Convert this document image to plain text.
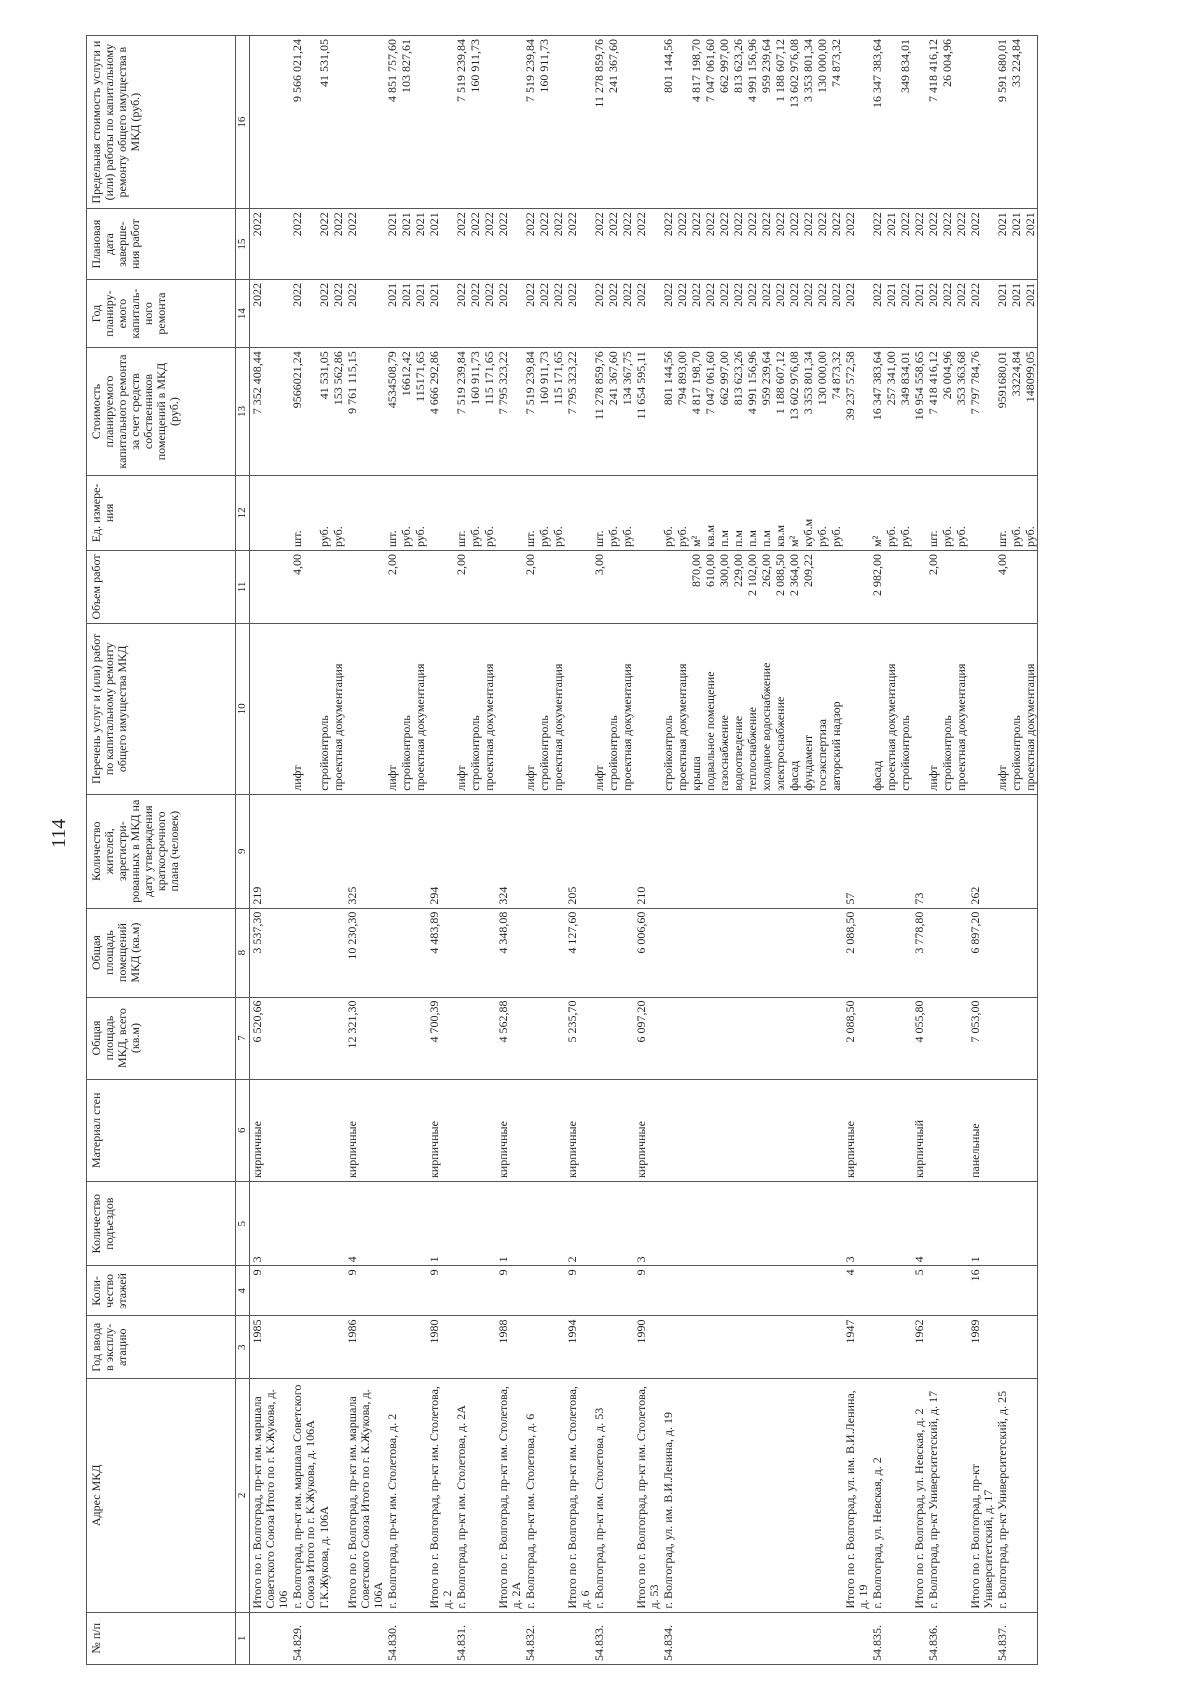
114
№ п/п	Адрес МКД	Год ввода в эксплу-атацию	Коли-чество этажей	Количество подъездов	Материал стен	Общая площадь МКД, всего (кв.м)	Общая площадь помещений МКД (кв.м)	Количество жителей, зарегистри-рованных в МКД на дату утверждения краткосрочного плана (человек)	Перечень услуг и (или) работ по капитальному ремонту общего имущества МКД	Объем работ	Ед. измере-ния	Стоимость планируемого капитального ремонта за счет средств собственников помещений в МКД (руб.)	Год планиру-емого капиталь-ного ремонта	Плановая дата заверше-ния работ	Предельная стоимость услуги и (или) работы по капитальному ремонту общего имущества в МКД (руб.)
1	2	3	4	5	6	7	8	9	10	11	12	13	14	15	16
	Итого по г. Волгоград, пр-кт им. маршала Советского Союза Итого по г. К.Жукова, д. 106	1985	9	3	кирпичные	6 520,66	3 537,30	219				7 352 408,44	2022	2022	
54.829.	г. Волгоград, пр-кт им. маршала Советского Союза Итого по г. К.Жукова, д. 106А								лифт	4,00	шт.	9566021,24	2022	2022	9 566 021,24
	Г.К.Жукова, д. 106А								стройконтроль		руб.	41 531,05	2022	2022	41 531,05
									проектная документация		руб.	153 562,86	2022	2022	
	Итого по г. Волгоград, пр-кт им. маршала Советского Союза Итого по г. К.Жукова, д. 106А	1986	9	4	кирпичные	12 321,30	10 230,30	325				9 761 115,15	2022	2022	
54.830.	г. Волгоград, пр-кт им. Столетова, д. 2								лифт	2,00	шт.	4534508,79	2021	2021	4 851 757,60
									стройконтроль		руб.	16612,42	2021	2021	103 827,61
									проектная документация		руб.	115171,65	2021	2021	
	Итого по г. Волгоград, пр-кт им. Столетова, д. 2	1980	9	1	кирпичные	4 700,39	4 483,89	294				4 666 292,86	2021	2021	
54.831.	г. Волгоград, пр-кт им. Столетова, д. 2А								лифт	2,00	шт.	7 519 239,84	2022	2022	7 519 239,84
									стройконтроль		руб.	160 911,73	2022	2022	160 911,73
									проектная документация		руб.	115 171,65	2022	2022	
	Итого по г. Волгоград, пр-кт им. Столетова, д. 2А	1988	9	1	кирпичные	4 562,88	4 348,08	324				7 795 323,22	2022	2022	
54.832.	г. Волгоград, пр-кт им. Столетова, д. 6								лифт	2,00	шт.	7 519 239,84	2022	2022	7 519 239,84
									стройконтроль		руб.	160 911,73	2022	2022	160 911,73
									проектная документация		руб.	115 171,65	2022	2022	
	Итого по г. Волгоград, пр-кт им. Столетова, д. 6	1994	9	2	кирпичные	5 235,70	4 127,60	205				7 795 323,22	2022	2022	
54.833.	г. Волгоград, пр-кт им. Столетова, д. 53								лифт	3,00	шт.	11 278 859,76	2022	2022	11 278 859,76
									стройконтроль		руб.	241 367,60	2022	2022	241 367,60
									проектная документация		руб.	134 367,75	2022	2022	
	Итого по г. Волгоград, пр-кт им. Столетова, д. 53	1990	9	3	кирпичные	6 097,20	6 006,60	210				11 654 595,11	2022	2022	
54.834.	г. Волгоград, ул. им. В.И.Ленина, д. 19								стройконтроль		руб.	801 144,56	2022	2022	801 144,56
									проектная документация		руб.	794 893,00	2022	2022	
									крыша	870,00	м²	4 817 198,70	2022	2022	4 817 198,70
									подвальное помещение	610,00	кв.м	7 047 061,60	2022	2022	7 047 061,60
									газоснабжение	300,00	п.м	662 997,00	2022	2022	662 997,00
									водоотведение	229,00	п.м	813 623,26	2022	2022	813 623,26
									теплоснабжение	2 102,00	п.м	4 991 156,96	2022	2022	4 991 156,96
									холодное водоснабжение	262,00	п.м	959 239,64	2022	2022	959 239,64
									электроснабжение	2 088,50	кв.м	1 188 607,12	2022	2022	1 188 607,12
									фасад	2 364,00	м²	13 602 976,08	2022	2022	13 602 976,08
									фундамент	209,22	куб.м	3 353 801,34	2022	2022	3 353 801,34
									госэкспертиза		руб.	130 000,00	2022	2022	130 000,00
									авторский надзор		руб.	74 873,32	2022	2022	74 873,32
	Итого по г. Волгоград, ул. им. В.И.Ленина, д. 19	1947	4	3	кирпичные	2 088,50	2 088,50	57				39 237 572,58	2022	2022	
54.835.	г. Волгоград, ул. Невская, д. 2								фасад	2 982,00	м²	16 347 383,64	2022	2022	16 347 383,64
									проектная документация		руб.	257 341,00	2021	2021	
									стройконтроль		руб.	349 834,01	2022	2022	349 834,01
	Итого по г. Волгоград, ул. Невская, д. 2	1962	5	4	кирпичный	4 055,80	3 778,80	73				16 954 558,65	2021	2022	
54.836.	г. Волгоград, пр-кт Университетский, д. 17								лифт	2,00	шт.	7 418 416,12	2022	2022	7 418 416,12
									стройконтроль		руб.	26 004,96	2022	2022	26 004,96
									проектная документация		руб.	353 363,68	2022	2022	
	Итого по г. Волгоград, пр-кт Университетский, д. 17	1989	16	1	панельные	7 053,00	6 897,20	262				7 797 784,76	2022	2022	
54.837.	г. Волгоград, пр-кт Университетский, д. 25								лифт	4,00	шт.	9591680,01	2021	2021	9 591 680,01
									стройконтроль		руб.	33224,84	2021	2021	33 224,84
									проектная документация		руб.	148099,05	2021	2021	
